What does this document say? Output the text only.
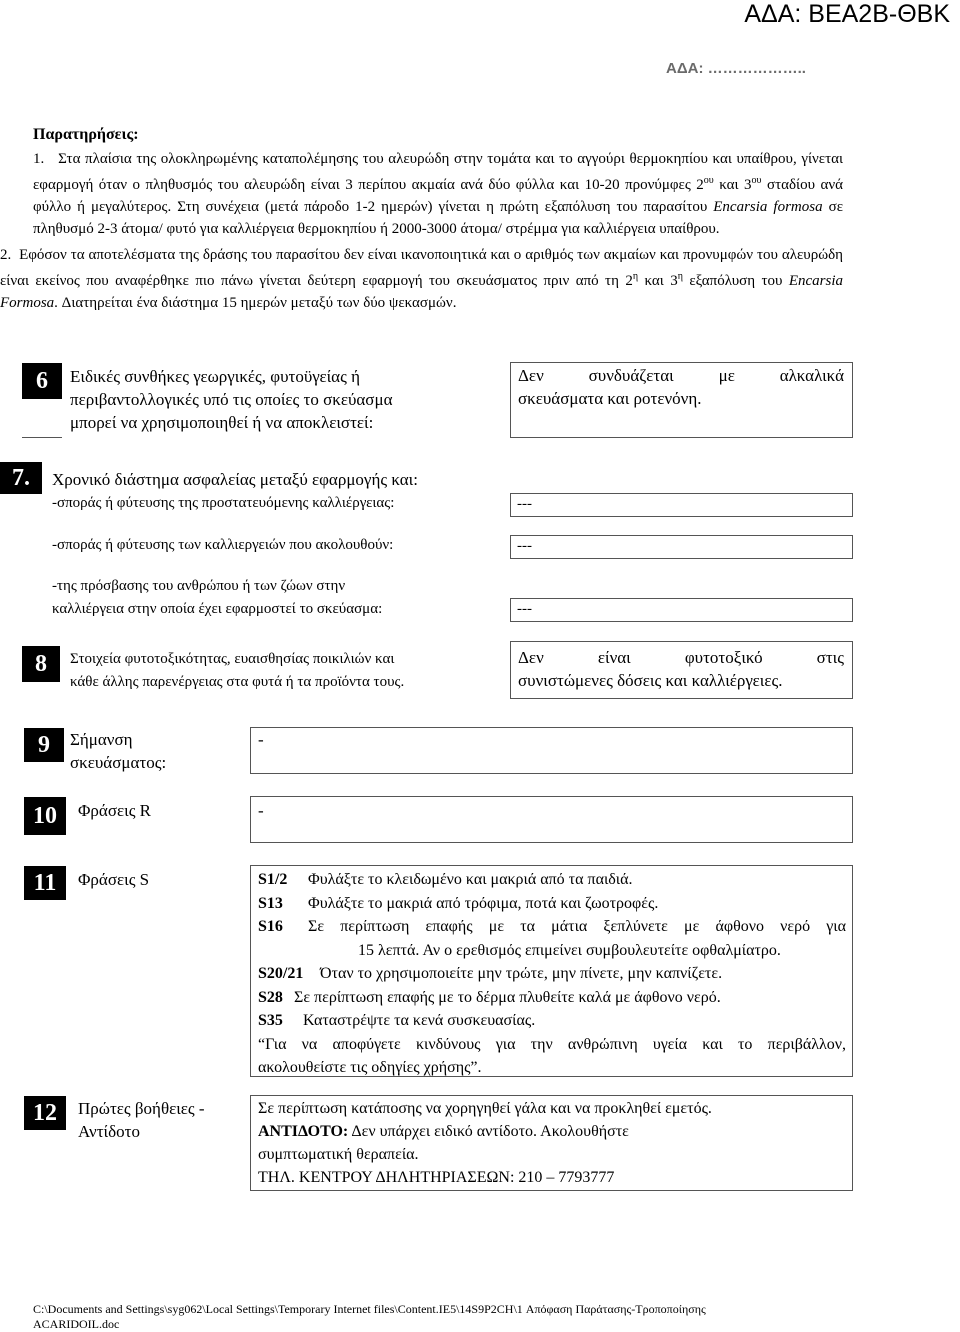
ΑΔΑ: ΒΕΑ2Β-ΘΒΚ
ΑΔΑ: ………………..
Παρατηρήσεις:

1. Στα πλαίσια της ολοκληρωμένης καταπολέμησης του αλευρώδη στην τομάτα και το αγγούρι θερμοκηπίου και υπαίθρου, γίνεται εφαρμογή όταν ο πληθυσμός του αλευρώδη είναι 3 περίπου ακμαία ανά δύο φύλλα και 10-20 προνύμφες $2^{o\upsilon}$ και $3^{o\upsilon}$ σταδίου ανά φύλλο ή μεγαλύτερος. Στη συνέχεια (μετά πάροδο 1-2 ημερών) γίνεται η πρώτη εξαπόλυση του παρασίτου Encarsia formosa σε πληθυσμό 2-3 άτομα/ φυτό για καλλιέργεια θερμοκηπίου ή 2000-3000 άτομα/ στρέμμα για καλλιέργεια υπαίθρου.

2. Εφόσον τα αποτελέσματα της δράσης του παρασίτου δεν είναι ικανοποιητικά και ο αριθμός των ακμαίων και προνυμφών του αλευρώδη είναι εκείνος που αναφέρθηκε πιο πάνω γίνεται δεύτερη εφαρμογή του σκευάσματος πριν από τη $2^\eta$ και $3^\eta$ εξαπόλυση του Encarsia Formosa. Διατηρείται ένα διάστημα 15 ημερών μεταξύ των δύο ψεκασμών.

6	Ειδικές συνθήκες γεωργικές, φυτοϋγείας ή
περιβαντολλογικές υπό τις οποίες το σκεύασμα
μπορεί να χρησιμοποιηθεί ή να αποκλειστεί:
Δεν συνδυάζεται με αλκαλικά
σκευάσματα και ροτενόνη.
7.	Χρονικό διάστημα ασφαλείας μεταξύ εφαρμογής και:
-σποράς ή φύτευσης της προστατευόμενης καλλιέργειας:	---
-σποράς ή φύτευσης των καλλιεργειών που ακολουθούν:	---
-της πρόσβασης του ανθρώπου ή των ζώων στην
καλλιέργεια στην οποία έχει εφαρμοστεί το σκεύασμα:	---
8	Στοιχεία φυτοτοξικότητας, ευαισθησίας ποικιλιών και
κάθε άλλης παρενέργειας στα φυτά ή τα προϊόντα τους.
Δεν είναι φυτοτοξικό στις
συνιστώμενες δόσεις και καλλιέργειες.
9	Σήμανση
σκευάσματος:
-
10	Φράσεις R	-
11	Φράσεις S	S1/2	Φυλάξτε το κλειδωμένο και μακριά από τα παιδιά.
S13	Φυλάξτε το μακριά από τρόφιμα, ποτά και ζωοτροφές.
S16	Σε περίπτωση επαφής με τα μάτια ξεπλύνετε με άφθονο νερό για
15 λεπτά. Αν ο ερεθισμός επιμείνει συμβουλευτείτε οφθαλμίατρο.
S20/21	Όταν το χρησιμοποιείτε μην τρώτε, μην πίνετε, μην καπνίζετε.
S28 Σε περίπτωση επαφής με το δέρμα πλυθείτε καλά με άφθονο νερό.
S35	Καταστρέψτε τα κενά συσκευασίας.
“Για να αποφύγετε κινδύνους για την ανθρώπινη υγεία και το περιβάλλον,
ακολουθείστε τις οδηγίες χρήσης”.
12	Πρώτες βοήθειες -
Αντίδοτο
Σε περίπτωση κατάποσης να χορηγηθεί γάλα και να προκληθεί εμετός.
ΑΝΤΙΔΟΤΟ: Δεν υπάρχει ειδικό αντίδοτο. Ακολουθήστε
συμπτωματική θεραπεία.
ΤΗΛ. ΚΕΝΤΡΟΥ ΔΗΛΗΤΗΡΙΑΣΕΩΝ: 210 – 7793777
C:\Documents and Settings\syg062\Local Settings\Temporary Internet files\Content.IE5\14S9P2CH\1 Απόφαση Παράτασης-Τροποποίησης
ACARIDOIL.doc
